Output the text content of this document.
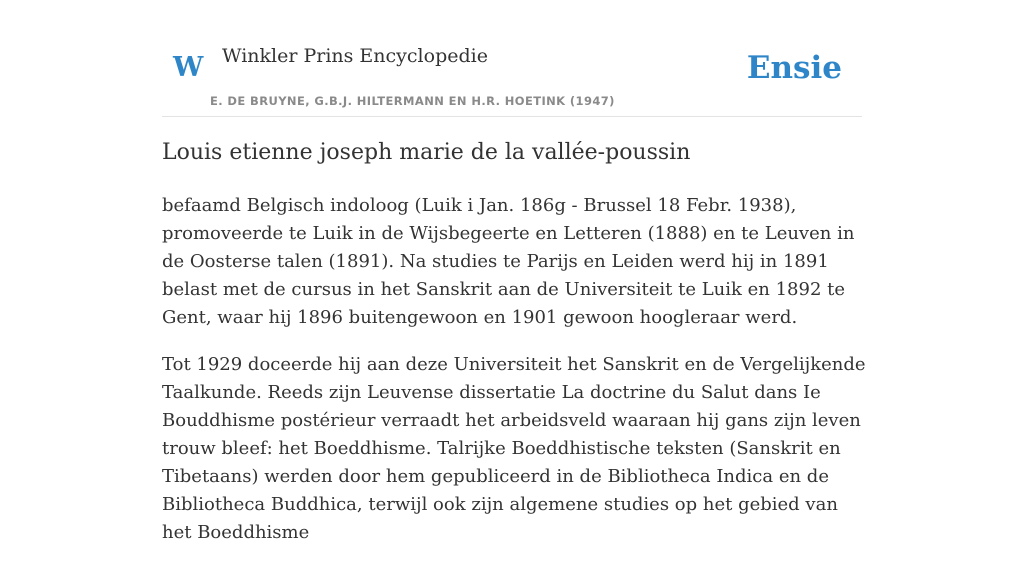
W Winkler Prins Encyclopedie	Ensie
E. DE BRUYNE, G.B.J. HILTERMANN EN H.R. HOETINK (1947)
Louis etienne joseph marie de la vallée-poussin

befaamd Belgisch indoloog (Luik i Jan. 186g - Brussel 18 Febr. 1938), promoveerde te Luik in de Wijsbegeerte en Letteren (1888) en te Leuven in de Oosterse talen (1891). Na studies te Parijs en Leiden werd hij in 1891 belast met de cursus in het Sanskrit aan de Universiteit te Luik en 1892 te Gent, waar hij 1896 buitengewoon en 1901 gewoon hoogleraar werd.

Tot 1929 doceerde hij aan deze Universiteit het Sanskrit en de Vergelijkende Taalkunde. Reeds zijn Leuvense dissertatie La doctrine du Salut dans Ie Bouddhisme postérieur verraadt het arbeidsveld waaraan hij gans zijn leven trouw bleef: het Boeddhisme. Talrijke Boeddhistische teksten (Sanskrit en Tibetaans) werden door hem gepubliceerd in de Bibliotheca Indica en de Bibliotheca Buddhica, terwijl ook zijn algemene studies op het gebied van het Boeddhisme
